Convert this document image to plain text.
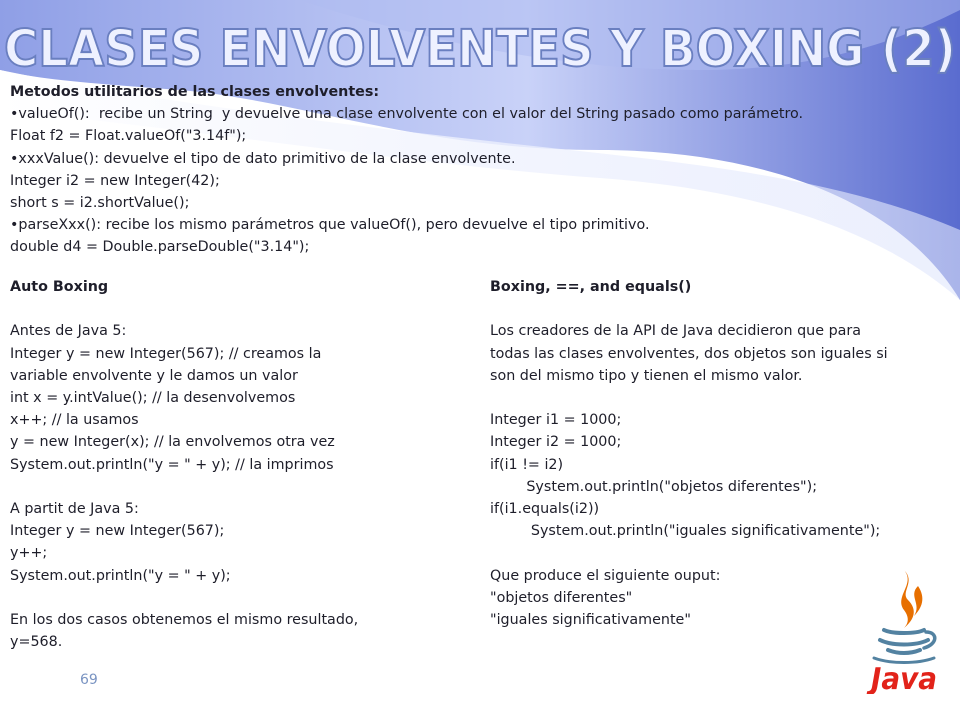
CLASES ENVOLVENTES Y BOXING (2)
Metodos utilitarios de las clases envolventes:
•valueOf():  recibe un String  y devuelve una clase envolvente con el valor del String pasado como parámetro.
Float f2 = Float.valueOf("3.14f");
•xxxValue(): devuelve el tipo de dato primitivo de la clase envolvente.
Integer i2 = new Integer(42);
short s = i2.shortValue();
•parseXxx(): recibe los mismo parámetros que valueOf(), pero devuelve el tipo primitivo.
double d4 = Double.parseDouble("3.14");
Auto Boxing
Antes de Java 5:
Integer y = new Integer(567); // creamos la
variable envolvente y le damos un valor
int x = y.intValue(); // la desenvolvemos
x++; // la usamos
y = new Integer(x); // la envolvemos otra vez
System.out.println("y = " + y); // la imprimos
A partit de Java 5:
Integer y = new Integer(567);
y++;
System.out.println("y = " + y);
En los dos casos obtenemos el mismo resultado,
y=568.
Boxing, ==, and equals()
Los creadores de la API de Java decidieron que para
todas las clases envolventes, dos objetos son iguales si
son del mismo tipo y tienen el mismo valor.
Integer i1 = 1000;
Integer i2 = 1000;
if(i1 != i2)
System.out.println("objetos diferentes");
if(i1.equals(i2))
System.out.println("iguales significativamente");
Que produce el siguiente ouput:
"objetos diferentes"
"iguales significativamente"
69	Java
